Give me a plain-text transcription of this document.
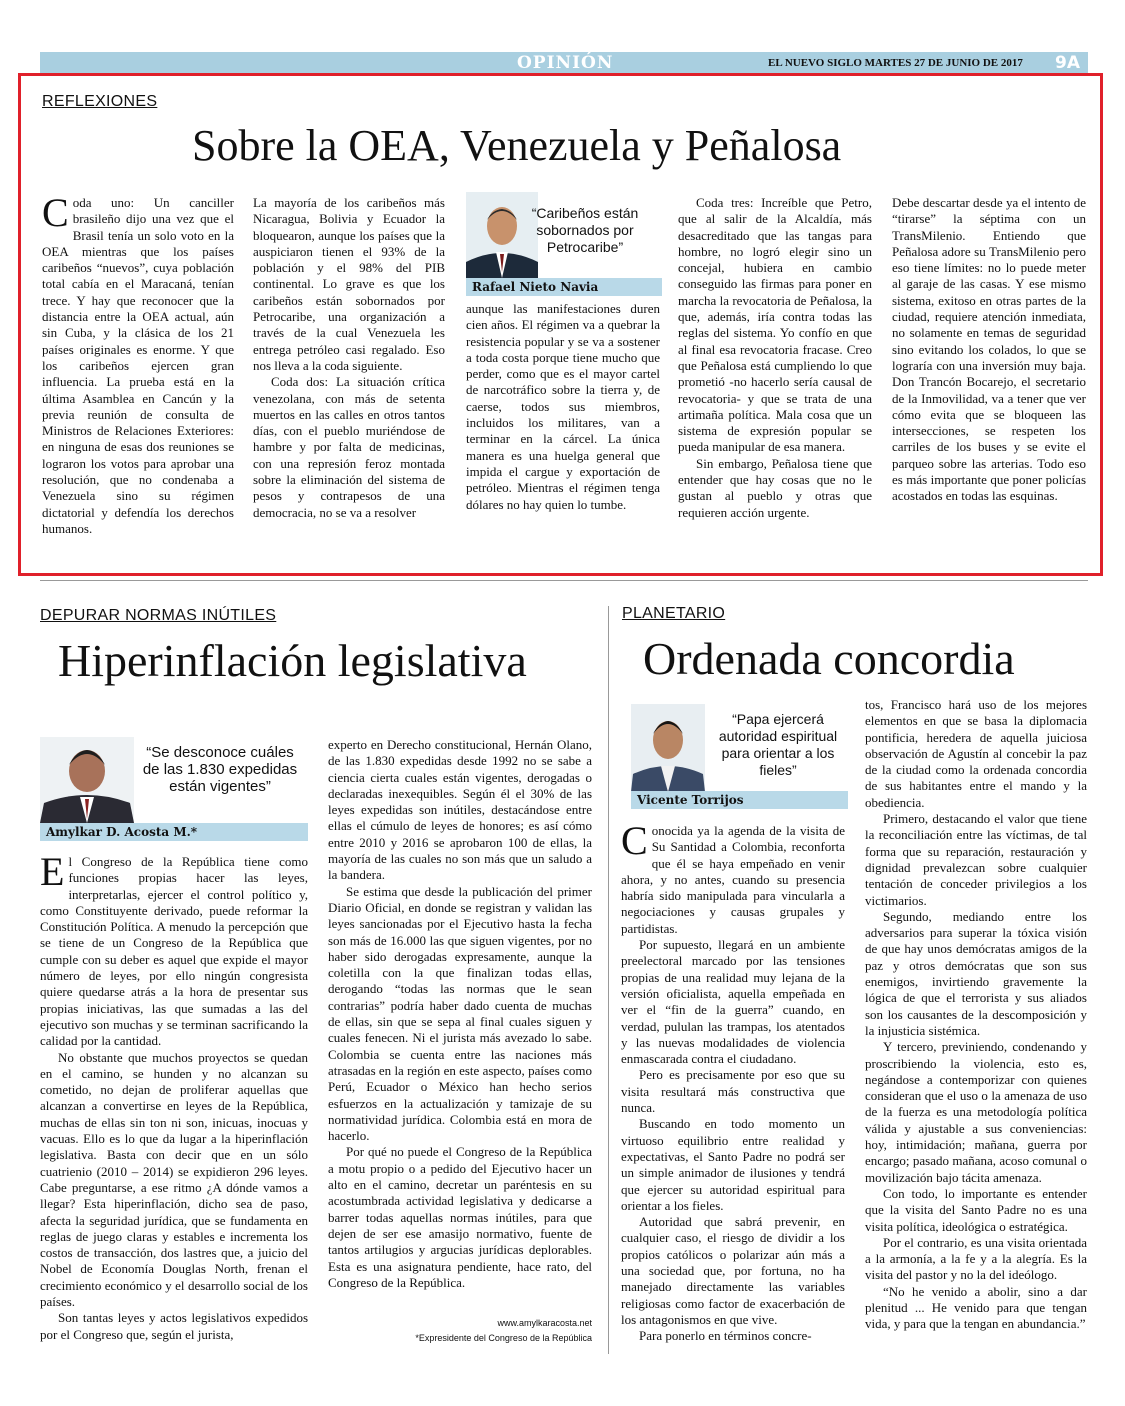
OPINIÓN	EL NUEVO SIGLO MARTES 27 DE JUNIO DE 2017 9A
REFLEXIONES
Sobre la OEA, Venezuela y Peñalosa

Coda uno: Un canciller brasileño dijo una vez que el Brasil tenía un solo voto en la OEA mientras que los países caribeños “nuevos”, cuya población total cabía en el Maracaná, tenían trece. Y hay que reconocer que la distancia entre la OEA actual, aún sin Cuba, y la clásica de los 21 países originales es enorme. Y que los caribeños ejercen gran influencia. La prueba está en la última Asamblea en Cancún y la previa reunión de consulta de Ministros de Relaciones Exteriores: en ninguna de esas dos reuniones se lograron los votos para aprobar una resolución, que no condenaba a Venezuela sino su régimen dictatorial y defendía los derechos humanos.

La mayoría de los caribeños más Nicaragua, Bolivia y Ecuador la bloquearon, aunque los países que la auspiciaron tienen el 93% de la población y el 98% del PIB continental. Lo grave es que los caribeños están sobornados por Petrocaribe, una organización a través de la cual Venezuela les entrega petróleo casi regalado. Eso nos lleva a la coda siguiente.

Coda dos: La situación crítica venezolana, con más de setenta muertos en las calles en otros tantos días, con el pueblo muriéndose de hambre y por falta de medicinas, con una represión feroz montada sobre la eliminación del sistema de pesos y contrapesos de una democracia, no se va a resolver

“Caribeños están sobornados por Petrocaribe”
Rafael Nieto Navia

aunque las manifestaciones duren cien años. El régimen va a quebrar la resistencia popular y se va a sostener a toda costa porque tiene mucho que perder, como que es el mayor cartel de narcotráfico sobre la tierra y, de caerse, todos sus miembros, incluidos los militares, van a terminar en la cárcel. La única manera es una huelga general que impida el cargue y exportación de petróleo. Mientras el régimen tenga dólares no hay quien lo tumbe.

Coda tres: Increíble que Petro, que al salir de la Alcaldía, más desacreditado que las tangas para hombre, no logró elegir sino un concejal, hubiera en cambio conseguido las firmas para poner en marcha la revocatoria de Peñalosa, la que, además, iría contra todas las reglas del sistema. Yo confío en que al final esa revocatoria fracase. Creo que Peñalosa está cumpliendo lo que prometió -no hacerlo sería causal de revocatoria- y que se trata de una artimaña política. Mala cosa que un sistema de expresión popular se pueda manipular de esa manera.

Sin embargo, Peñalosa tiene que entender que hay cosas que no le gustan al pueblo y otras que requieren acción urgente.

Debe descartar desde ya el intento de “tirarse” la séptima con un TransMilenio. Entiendo que Peñalosa adore su TransMilenio pero eso tiene límites: no lo puede meter al garaje de las casas. Y ese mismo sistema, exitoso en otras partes de la ciudad, requiere atención inmediata, no solamente en temas de seguridad sino evitando los colados, lo que se lograría con una inversión muy baja. Don Trancón Bocarejo, el secretario de la Inmovilidad, va a tener que ver cómo evita que se bloqueen las intersecciones, se respeten los carriles de los buses y se evite el parqueo sobre las arterias. Todo eso es más importante que poner policías acostados en todas las esquinas.

DEPURAR NORMAS INÚTILES
Hiperinflación legislativa
“Se desconoce cuáles de las 1.830 expedidas están vigentes”
Amylkar D. Acosta M.*

El Congreso de la República tiene como funciones propias hacer las leyes, interpretarlas, ejercer el control político y, como Constituyente derivado, puede reformar la Constitución Política. A menudo la percepción que se tiene de un Congreso de la República que cumple con su deber es aquel que expide el mayor número de leyes, por ello ningún congresista quiere quedarse atrás a la hora de presentar sus propias iniciativas, las que sumadas a las del ejecutivo son muchas y se terminan sacrificando la calidad por la cantidad.

No obstante que muchos proyectos se quedan en el camino, se hunden y no alcanzan su cometido, no dejan de proliferar aquellas que alcanzan a convertirse en leyes de la República, muchas de ellas sin ton ni son, inicuas, inocuas y vacuas. Ello es lo que da lugar a la hiperinflación legislativa. Basta con decir que en un sólo cuatrienio (2010 – 2014) se expidieron 296 leyes. Cabe preguntarse, a ese ritmo ¿A dónde vamos a llegar? Esta hiperinflación, dicho sea de paso, afecta la seguridad jurídica, que se fundamenta en reglas de juego claras y estables e incrementa los costos de transacción, dos lastres que, a juicio del Nobel de Economía Douglas North, frenan el crecimiento económico y el desarrollo social de los países.

Son tantas leyes y actos legislativos expedidos por el Congreso que, según el jurista,

experto en Derecho constitucional, Hernán Olano, de las 1.830 expedidas desde 1992 no se sabe a ciencia cierta cuales están vigentes, derogadas o declaradas inexequibles. Según él el 30% de las leyes expedidas son inútiles, destacándose entre ellas el cúmulo de leyes de honores; es así cómo entre 2010 y 2016 se aprobaron 100 de ellas, la mayoría de las cuales no son más que un saludo a la bandera.

Se estima que desde la publicación del primer Diario Oficial, en donde se registran y validan las leyes sancionadas por el Ejecutivo hasta la fecha son más de 16.000 las que siguen vigentes, por no haber sido derogadas expresamente, aunque la coletilla con la que finalizan todas ellas, derogando “todas las normas que le sean contrarias” podría haber dado cuenta de muchas de ellas, sin que se sepa al final cuales siguen y cuales fenecen. Ni el jurista más avezado lo sabe. Colombia se cuenta entre las naciones más atrasadas en la región en este aspecto, países como Perú, Ecuador o México han hecho serios esfuerzos en la actualización y tamizaje de su normatividad jurídica. Colombia está en mora de hacerlo.

Por qué no puede el Congreso de la República a motu propio o a pedido del Ejecutivo hacer un alto en el camino, decretar un paréntesis en su acostumbrada actividad legislativa y dedicarse a barrer todas aquellas normas inútiles, para que dejen de ser ese amasijo normativo, fuente de tantos artilugios y argucias jurídicas deplorables. Esta es una asignatura pendiente, hace rato, del Congreso de la República.

www.amylkaracosta.net
*Expresidente del Congreso de la República
PLANETARIO
Ordenada concordia
“Papa ejercerá autoridad espiritual para orientar a los fieles”
Vicente Torrijos

Conocida ya la agenda de la visita de Su Santidad a Colombia, reconforta que él se haya empeñado en venir ahora, y no antes, cuando su presencia habría sido manipulada para vincularla a negociaciones y causas grupales y partidistas.

Por supuesto, llegará en un ambiente preelectoral marcado por las tensiones propias de una realidad muy lejana de la versión oficialista, aquella empeñada en ver el “fin de la guerra” cuando, en verdad, pululan las trampas, los atentados y las nuevas modalidades de violencia enmascarada contra el ciudadano.

Pero es precisamente por eso que su visita resultará más constructiva que nunca.

Buscando en todo momento un virtuoso equilibrio entre realidad y expectativas, el Santo Padre no podrá ser un simple animador de ilusiones y tendrá que ejercer su autoridad espiritual para orientar a los fieles.

Autoridad que sabrá prevenir, en cualquier caso, el riesgo de dividir a los propios católicos o polarizar aún más a una sociedad que, por fortuna, no ha manejado directamente las variables religiosas como factor de exacerbación de los antagonismos en que vive.

Para ponerlo en términos concre-

tos, Francisco hará uso de los mejores elementos en que se basa la diplomacia pontificia, heredera de aquella juiciosa observación de Agustín al concebir la paz de la ciudad como la ordenada concordia de sus habitantes entre el mando y la obediencia.

Primero, destacando el valor que tiene la reconciliación entre las víctimas, de tal forma que su reparación, restauración y dignidad prevalezcan sobre cualquier tentación de conceder privilegios a los victimarios.

Segundo, mediando entre los adversarios para superar la tóxica visión de que hay unos demócratas amigos de la paz y otros demócratas que son sus enemigos, invirtiendo gravemente la lógica de que el terrorista y sus aliados son los causantes de la descomposición y la injusticia sistémica.

Y tercero, previniendo, condenando y proscribiendo la violencia, esto es, negándose a contemporizar con quienes consideran que el uso o la amenaza de uso de la fuerza es una metodología política válida y ajustable a sus conveniencias: hoy, intimidación; mañana, guerra por encargo; pasado mañana, acoso comunal o movilización bajo tácita amenaza.

Con todo, lo importante es entender que la visita del Santo Padre no es una visita política, ideológica o estratégica.

Por el contrario, es una visita orientada a la armonía, a la fe y a la alegría. Es la visita del pastor y no la del ideólogo.

“No he venido a abolir, sino a dar plenitud ... He venido para que tengan vida, y para que la tengan en abundancia.”
